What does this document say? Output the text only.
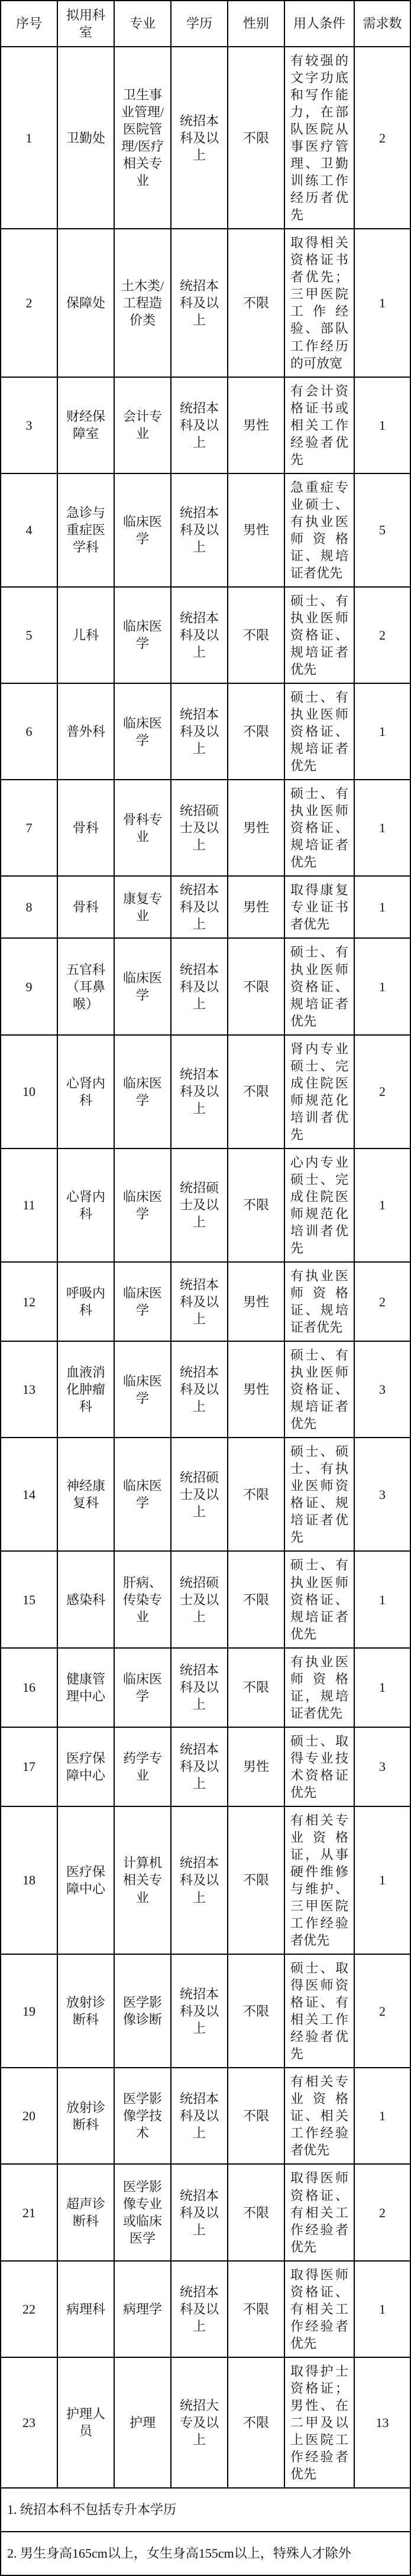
序号	拟用科室	专业	学历	性别	用人条件	需求数
1	卫勤处	卫生事业管理/医院管理/医疗相关专业	统招本科及以上	不限	有较强的文字功底和写作能力，在部队医院从事医疗管理、卫勤训练工作经历者优先	2
2	保障处	土木类/工程造价类	统招本科及以上	不限	取得相关资格证书者优先；三甲医院工作经验、部队工作经历的可放宽	1
3	财经保障室	会计专业	统招本科及以上	男性	有会计资格证书或相关工作经验者优先	1
4	急诊与重症医学科	临床医学	统招本科及以上	男性	急重症专业硕士、有执业医师资格证、规培证者优先	5
5	儿科	临床医学	统招本科及以上	不限	硕士、有执业医师资格证、规培证者优先	2
6	普外科	临床医学	统招本科及以上	不限	硕士、有执业医师资格证、规培证者优先	1
7	骨科	骨科专业	统招硕士及以上	男性	硕士、有执业医师资格证、规培证者优先	1
8	骨科	康复专业	统招本科及以上	男性	取得康复专业证书者优先	1
9	五官科（耳鼻喉）	临床医学	统招本科及以上	不限	硕士、有执业医师资格证、规培证者优先	1
10	心肾内科	临床医学	统招本科及以上	不限	肾内专业硕士、完成住院医师规范化培训者优先	2
11	心肾内科	临床医学	统招硕士及以上	不限	心内专业硕士、完成住院医师规范化培训者优先	1
12	呼吸内科	临床医学	统招本科及以上	男性	有执业医师资格证、规培证者优先	2
13	血液消化肿瘤科	临床医学	统招本科及以上	男性	硕士、有执业医师资格证、规培证者优先	3
14	神经康复科	临床医学	统招硕士及以上	不限	硕士、硕士、有执业医师资格证、规培证者优先	3
15	感染科	肝病、传染专业	统招硕士及以上	不限	硕士、有执业医师资格证、规培证者优先	1
16	健康管理中心	临床医学	统招本科及以上	不限	有执业医师资格证，规培证者优先	1
17	医疗保障中心	药学专业	统招本科及以上	男性	硕士、取得专业技术资格证优先	3
18	医疗保障中心	计算机相关专业	统招本科及以上	不限	有相关专业资格证，从事硬件维修与维护、三甲医院工作经验者优先	1
19	放射诊断科	医学影像诊断	统招本科及以上	不限	硕士、取得医师资格证、有相关工作经验者优先	2
20	放射诊断科	医学影像学技术	统招本科及以上	不限	有相关专业资格证、相关工作经验者优先	1
21	超声诊断科	医学影像专业或临床医学	统招本科及以上	不限	取得医师资格证、有相关工作经验者优先	2
22	病理科	病理学	统招本科及以上	不限	取得医师资格证、有相关工作经验者优先	1
23	护理人员	护理	统招大专及以上	不限	取得护士资格证；男性、在二甲及以上医院工作经验者优先	13
1. 统招本科不包括专升本学历						
2. 男生身高165cm以上，女生身高155cm以上，特殊人才除外						
